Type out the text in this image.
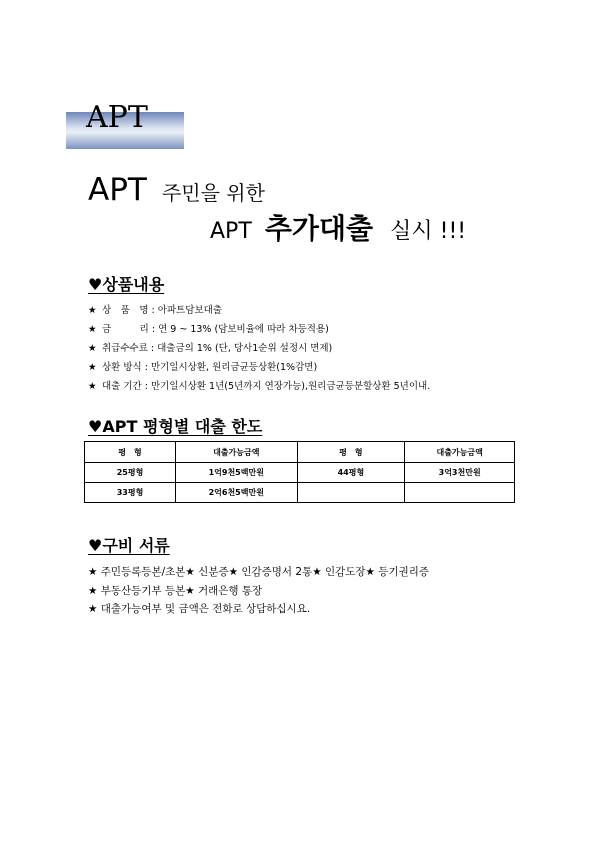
APT
APT 주민을 위한
APT 추가대출 실시 !!!
♥상품내용
★ 상　품　명 : 아파트담보대출
★ 금　　　리 : 연 9 ~ 13% (담보비율에 따라 차등적용)
★ 취급수수료 : 대출금의 1% (단, 당사1순위 설정시 면제)
★ 상환 방식 : 만기일시상환, 원리금균등상환(1%감면)
★ 대출 기간 : 만기일시상환 1년(5년까지 연장가능),원리금균등분할상환 5년이내.
♥APT 평형별 대출 한도
평　형	대출가능금액	평　형	대출가능금액
25평형	1억9천5백만원	44평형	3억3천만원
33평형	2억6천5백만원		
♥구비 서류
★ 주민등록등본/초본★ 신분증★ 인감증명서 2통★ 인감도장★ 등기권리증
★ 부동산등기부 등본★ 거래은행 통장
★ 대출가능여부 및 금액은 전화로 상담하십시요.
